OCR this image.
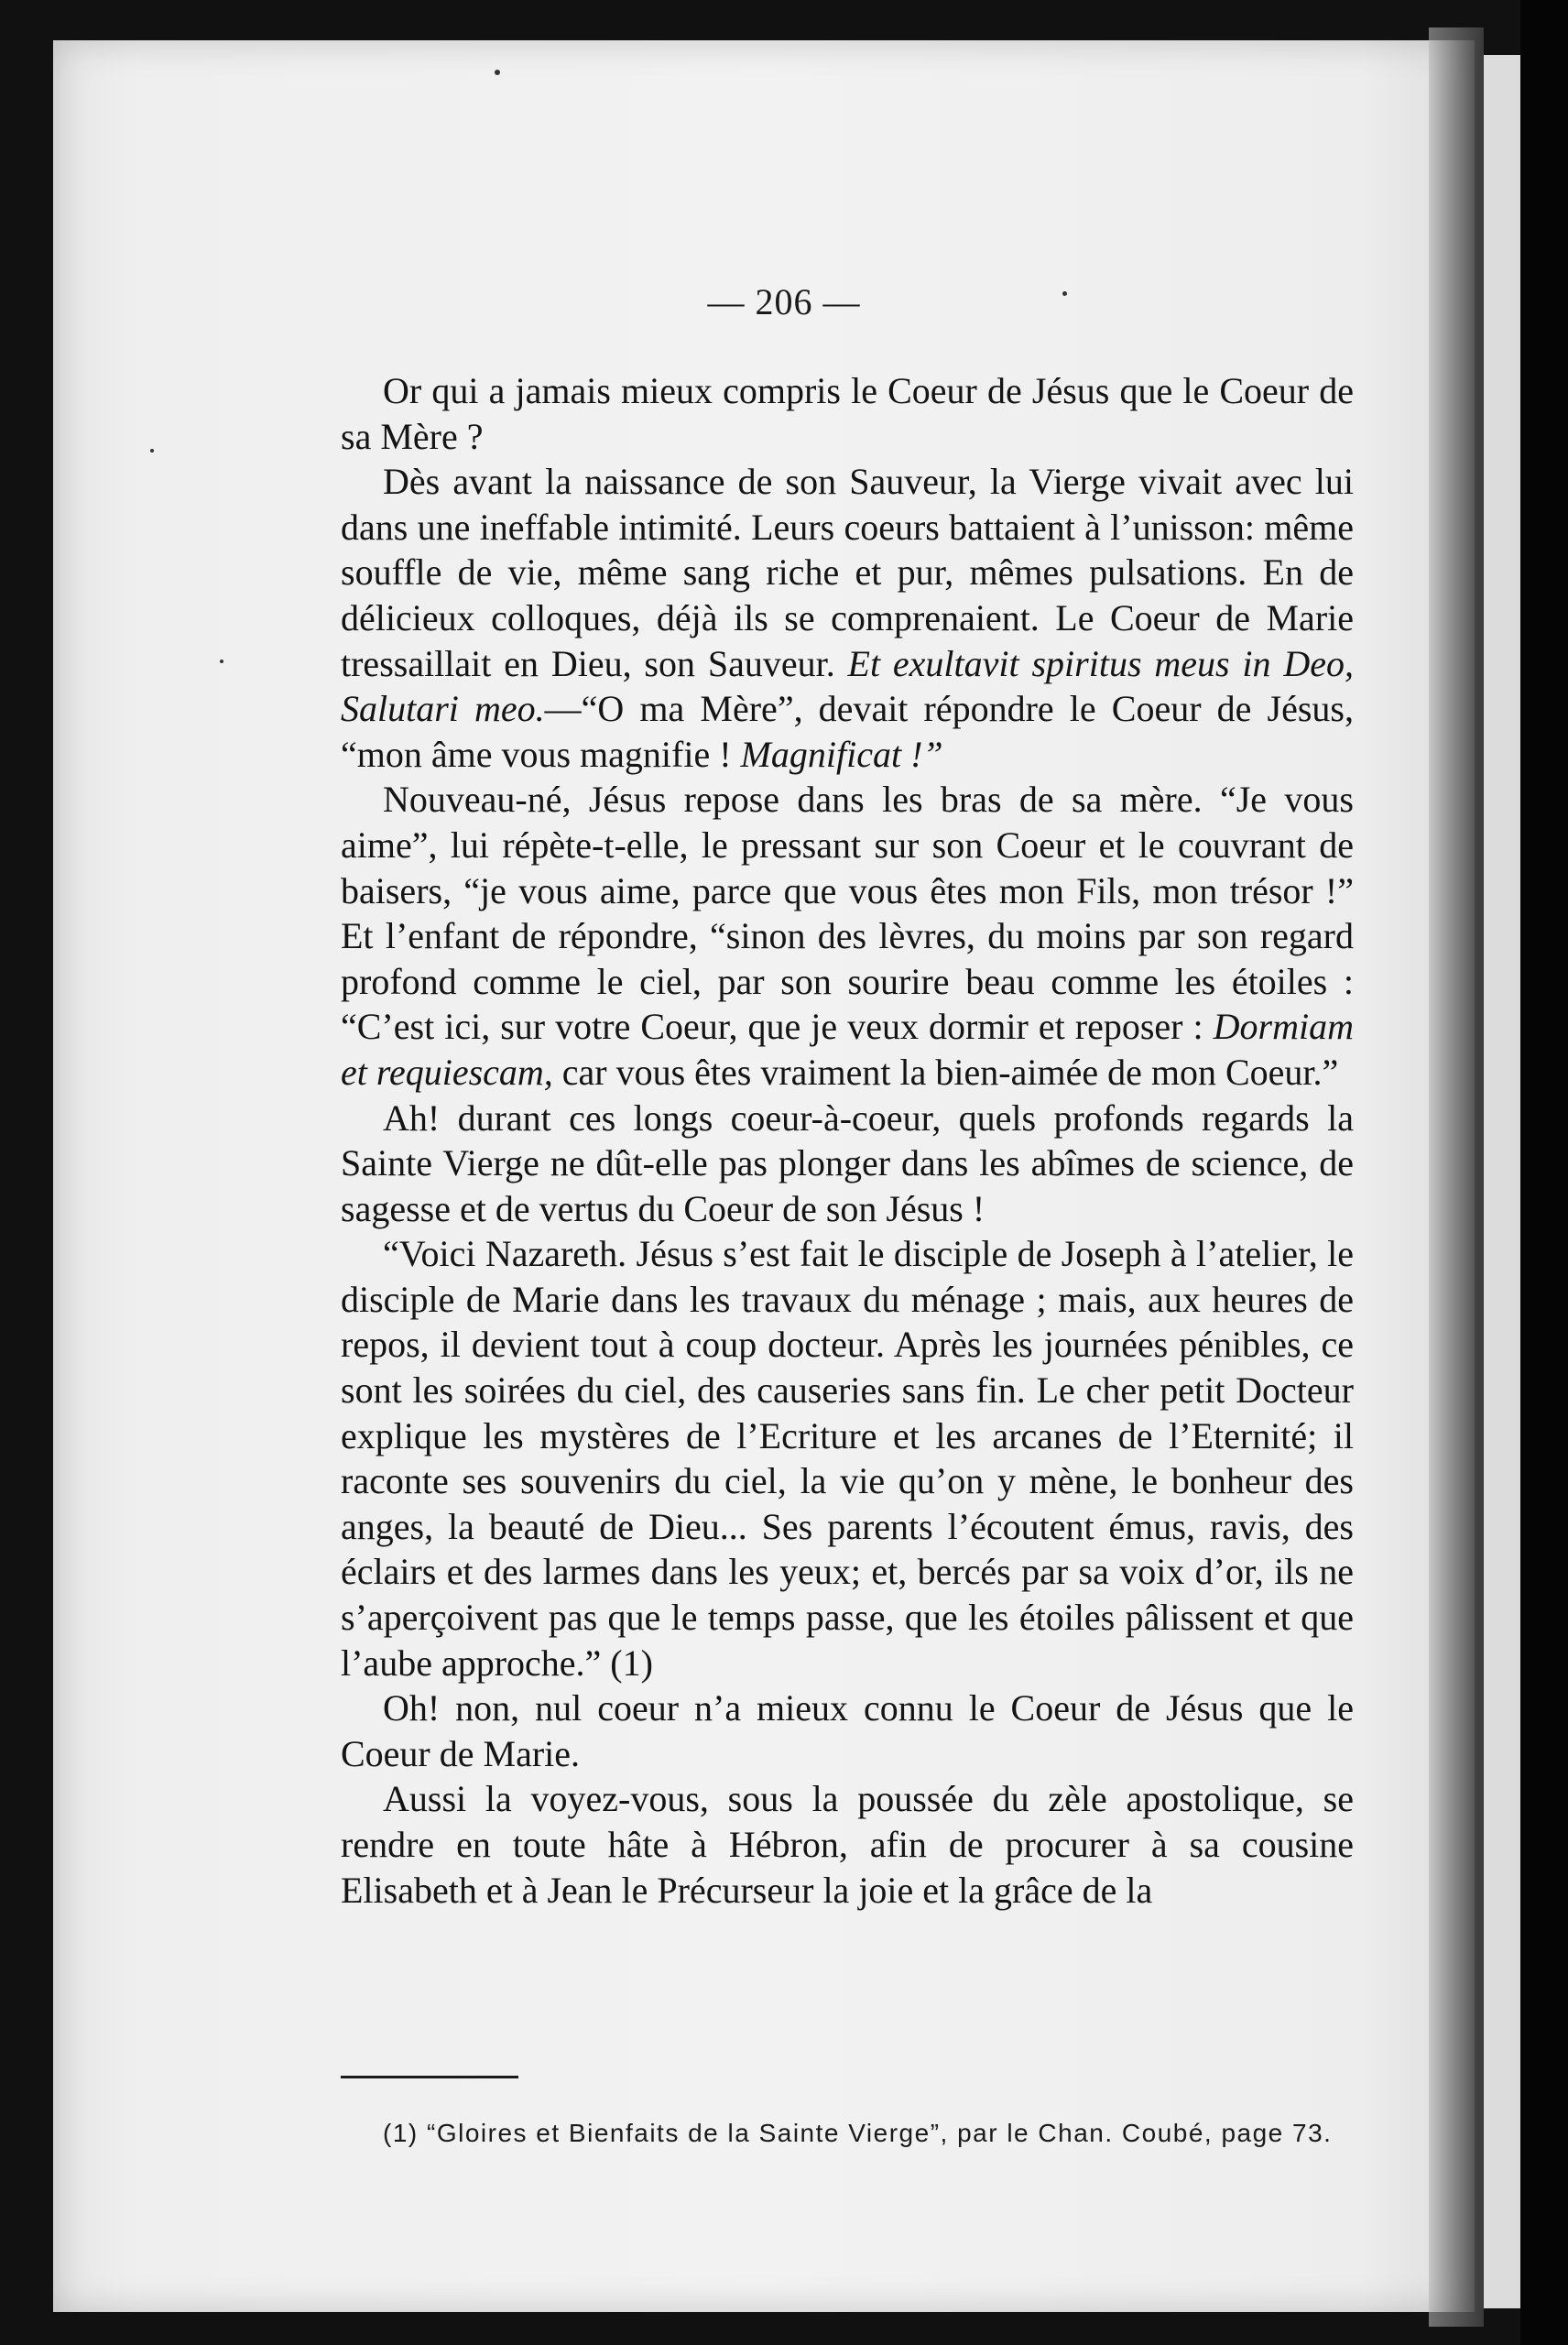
— 206 —

Or qui a jamais mieux compris le Coeur de Jésus que le Coeur de sa Mère ?

Dès avant la naissance de son Sauveur, la Vierge vivait avec lui dans une ineffable intimité. Leurs coeurs battaient à l’unisson: même souffle de vie, même sang riche et pur, mêmes pulsations. En de délicieux colloques, déjà ils se comprenaient. Le Coeur de Marie tressaillait en Dieu, son Sauveur. Et exultavit spiritus meus in Deo, Salutari meo.—“O ma Mère”, devait répondre le Coeur de Jésus, “mon âme vous magnifie ! Magnificat !”

Nouveau-né, Jésus repose dans les bras de sa mère. “Je vous aime”, lui répète-t-elle, le pressant sur son Coeur et le couvrant de baisers, “je vous aime, parce que vous êtes mon Fils, mon trésor !” Et l’enfant de répondre, “sinon des lèvres, du moins par son regard profond comme le ciel, par son sourire beau comme les étoiles : “C’est ici, sur votre Coeur, que je veux dormir et reposer : Dormiam et requiescam, car vous êtes vraiment la bien-aimée de mon Coeur.”

Ah! durant ces longs coeur-à-coeur, quels profonds regards la Sainte Vierge ne dût-elle pas plonger dans les abîmes de science, de sagesse et de vertus du Coeur de son Jésus !

“Voici Nazareth. Jésus s’est fait le disciple de Joseph à l’atelier, le disciple de Marie dans les travaux du ménage ; mais, aux heures de repos, il devient tout à coup docteur. Après les journées pénibles, ce sont les soirées du ciel, des causeries sans fin. Le cher petit Docteur explique les mystères de l’Ecriture et les arcanes de l’Eternité; il raconte ses souvenirs du ciel, la vie qu’on y mène, le bonheur des anges, la beauté de Dieu... Ses parents l’écoutent émus, ravis, des éclairs et des larmes dans les yeux; et, bercés par sa voix d’or, ils ne s’aperçoivent pas que le temps passe, que les étoiles pâlissent et que l’aube approche.” (1)

Oh! non, nul coeur n’a mieux connu le Coeur de Jésus que le Coeur de Marie.

Aussi la voyez-vous, sous la poussée du zèle apostolique, se rendre en toute hâte à Hébron, afin de procurer à sa cousine Elisabeth et à Jean le Précurseur la joie et la grâce de la

(1) “Gloires et Bienfaits de la Sainte Vierge”, par le Chan. Coubé, page 73.
